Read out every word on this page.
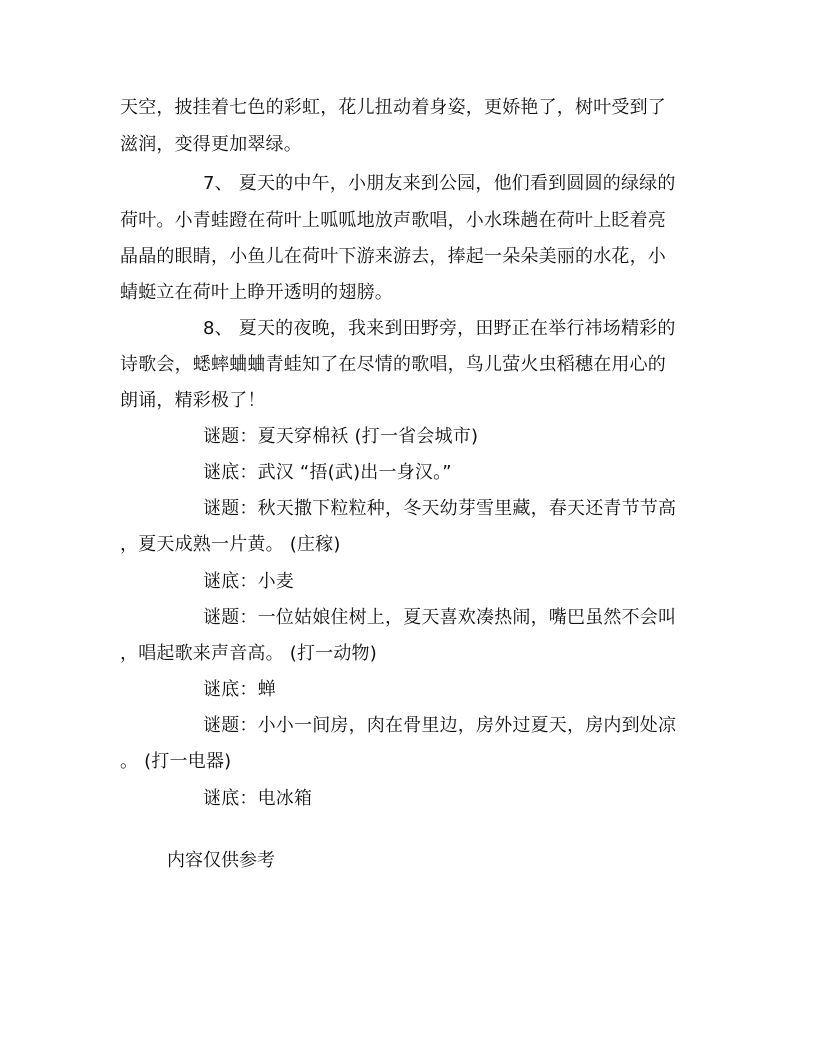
天空，披挂着七色的彩虹，花儿扭动着身姿，更娇艳了，树叶受到了
滋润，变得更加翠绿。
7、 夏天的中午，小朋友来到公园，他们看到圆圆的绿绿的
荷叶。小青蛙蹬在荷叶上呱呱地放声歌唱，小水珠趟在荷叶上眨着亮
晶晶的眼睛，小鱼儿在荷叶下游来游去，捧起一朵朵美丽的水花，小
蜻蜓立在荷叶上睁开透明的翅膀。
8、 夏天的夜晚，我来到田野旁，田野正在举行祎场精彩的
诗歌会，蟋蟀蛐蛐青蛙知了在尽情的歌唱，鸟儿萤火虫稻穗在用心的
朗诵，精彩极了！
谜题：夏天穿棉袄 (打一省会城市)
谜底：武汉 “捂(武)出一身汉。”
谜题：秋天撒下粒粒种，冬天幼芽雪里藏，春天还青节节高
，夏天成熟一片黄。 (庄稼)
谜底：小麦
谜题：一位姑娘住树上，夏天喜欢凑热闹，嘴巴虽然不会叫
，唱起歌来声音高。 (打一动物)
谜底：蝉
谜题：小小一间房，肉在骨里边，房外过夏天，房内到处凉
。 (打一电器)
谜底：电冰箱
内容仅供参考
